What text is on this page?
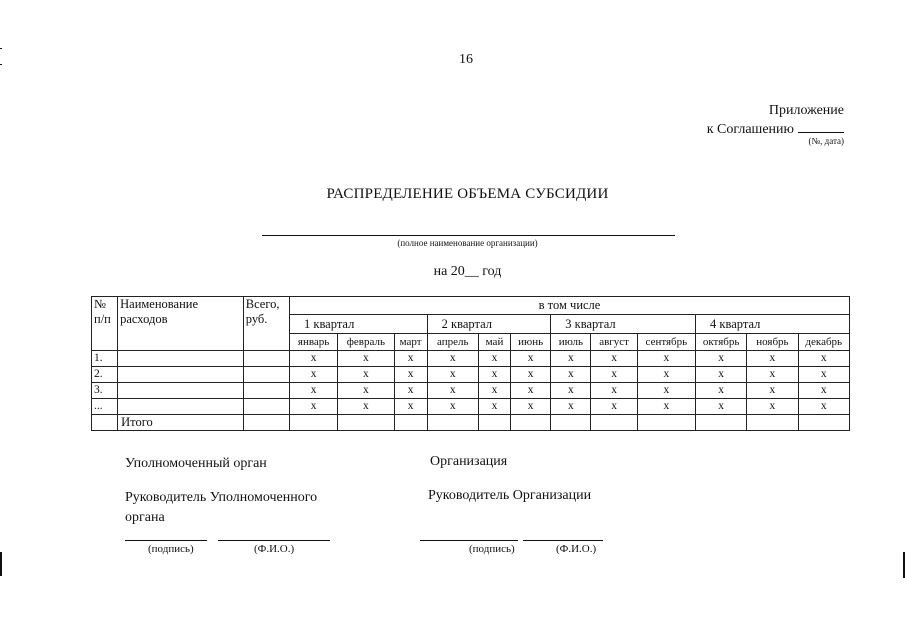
16
Приложение
к Соглашению
(№, дата)
РАСПРЕДЕЛЕНИЕ ОБЪЕМА СУБСИДИИ
(полное наименование организации)
на 20__ год
№ п/п	Наименование расходов	Всего, руб.	в том числе											
			1 квартал			2 квартал			3 квартал			4 квартал		
			январь	февраль	март	апрель	май	июнь	июль	август	сентябрь	октябрь	ноябрь	декабрь
1.			x	x	x	x	x	x	x	x	x	x	x	x
2.			x	x	x	x	x	x	x	x	x	x	x	x
3.			x	x	x	x	x	x	x	x	x	x	x	x
...			x	x	x	x	x	x	x	x	x	x	x	x
	Итого													
Уполномоченный орган
Руководитель Уполномоченного
органа
(подпись)	(Ф.И.О.)
Организация
Руководитель Организации
(подпись)	(Ф.И.О.)
